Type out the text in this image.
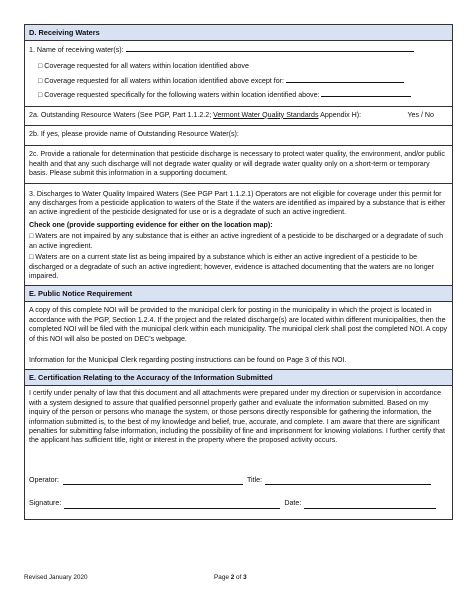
D. Receiving Waters
1. Name of receiving water(s):
□ Coverage requested for all waters within location identified above
□ Coverage requested for all waters within location identified above except for:
□ Coverage requested specifically for the following waters within location identified above:
2a. Outstanding Resource Waters (See PGP, Part 1.1.2.2; Vermont Water Quality Standards Appendix H):	Yes / No
2b. If yes, please provide name of Outstanding Resource Water(s):
2c. Provide a rationale for determination that pesticide discharge is necessary to protect water quality, the environment, and/or public health and that any such discharge will not degrade water quality or will degrade water quality only on a short-term or temporary basis. Please submit this information in a supporting document.
3. Discharges to Water Quality Impaired Waters (See PGP Part 1.1.2.1) Operators are not eligible for coverage under this permit for any discharges from a pesticide application to waters of the State if the waters are identified as impaired by a substance that is either an active ingredient of the pesticide designated for use or is a degradate of such an active ingredient.
Check one (provide supporting evidence for either on the location map):
□ Waters are not impaired by any substance that is either an active ingredient of a pesticide to be discharged or a degradate of such an active ingredient.
□ Waters are on a current state list as being impaired by a substance which is either an active ingredient of a pesticide to be discharged or a degradate of such an active ingredient; however, evidence is attached documenting that the waters are no longer impaired.
E. Public Notice Requirement
A copy of this complete NOI will be provided to the municipal clerk for posting in the municipality in which the project is located in accordance with the PGP, Section 1.2.4. If the project and the related discharge(s) are located within different municipalities, then the completed NOI will be filed with the municipal clerk within each municipality. The municipal clerk shall post the completed NOI. A copy of this NOI will also be posted on DEC's webpage.
Information for the Municipal Clerk regarding posting instructions can be found on Page 3 of this NOI.
E. Certification Relating to the Accuracy of the Information Submitted
I certify under penalty of law that this document and all attachments were prepared under my direction or supervision in accordance with a system designed to assure that qualified personnel properly gather and evaluate the information submitted. Based on my inquiry of the person or persons who manage the system, or those persons directly responsible for gathering the information, the information submitted is, to the best of my knowledge and belief, true, accurate, and complete. I am aware that there are significant penalties for submitting false information, including the possibility of fine and imprisonment for knowing violations. I further certify that the applicant has sufficient title, right or interest in the property where the proposed activity occurs.
Operator:	Title:
Signature:	Date:
Revised January 2020	Page 2 of 3
